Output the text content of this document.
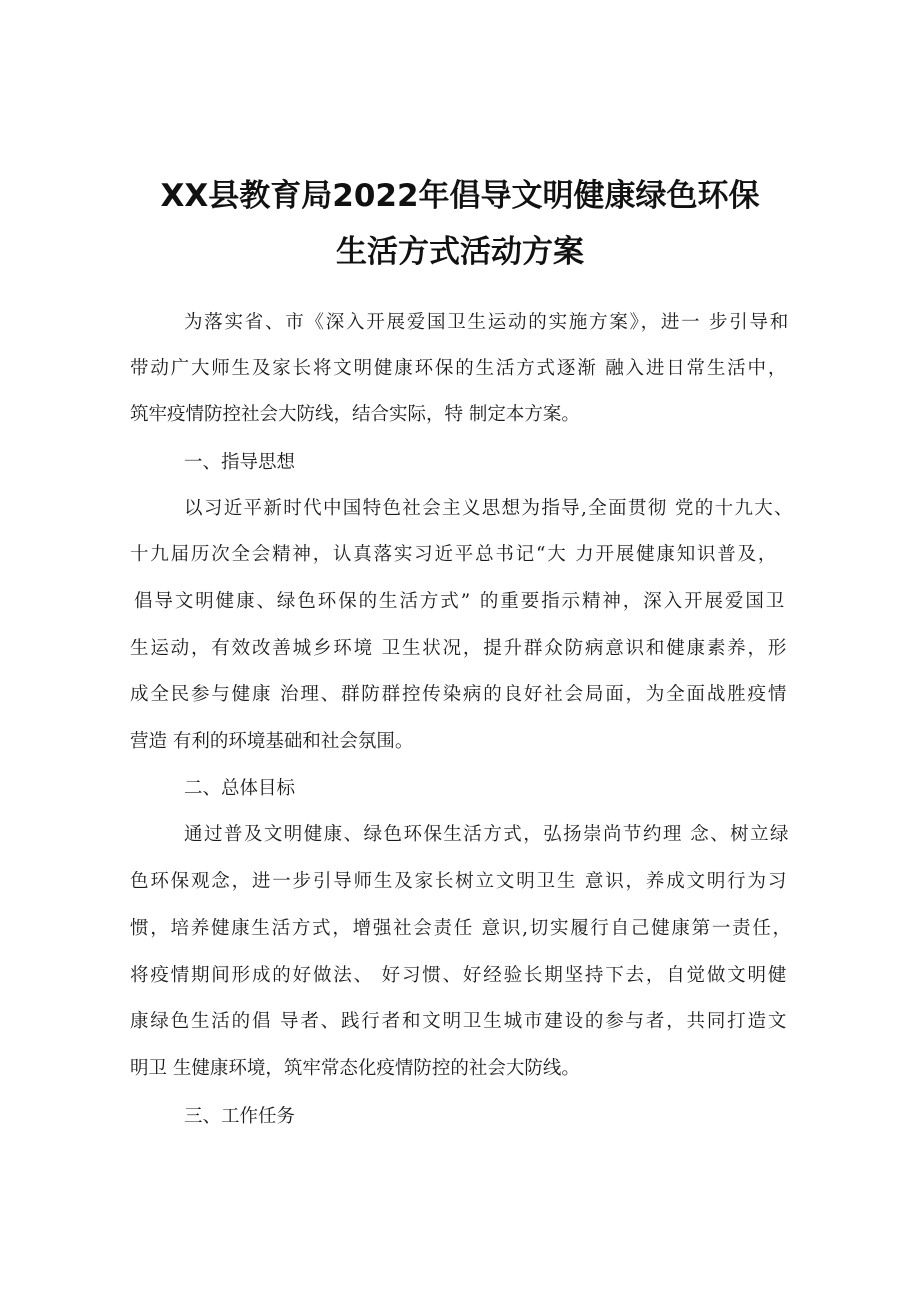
XX县教育局2022年倡导文明健康绿色环保
生活方式活动方案
为落实省、市《深入开展爱国卫生运动的实施方案》，进一 步引导和
带动广大师生及家长将文明健康环保的生活方式逐渐 融入进日常生活中，
筑牢疫情防控社会大防线，结合实际，特 制定本方案。
一、指导思想
以习近平新时代中国特色社会主义思想为指导,全面贯彻 党的十九大、
十九届历次全会精神，认真落实习近平总书记“大 力开展健康知识普及，
倡导文明健康、绿色环保的生活方式” 的重要指示精神，深入开展爱国卫
生运动，有效改善城乡环境 卫生状况，提升群众防病意识和健康素养，形
成全民参与健康 治理、群防群控传染病的良好社会局面，为全面战胜疫情
营造 有利的环境基础和社会氛围。
二、总体目标
通过普及文明健康、绿色环保生活方式，弘扬崇尚节约理 念、树立绿
色环保观念，进一步引导师生及家长树立文明卫生 意识，养成文明行为习
惯，培养健康生活方式，增强社会责任 意识,切实履行自己健康第一责任，
将疫情期间形成的好做法、 好习惯、好经验长期坚持下去，自觉做文明健
康绿色生活的倡 导者、践行者和文明卫生城市建设的参与者，共同打造文
明卫 生健康环境，筑牢常态化疫情防控的社会大防线。
三、工作任务
